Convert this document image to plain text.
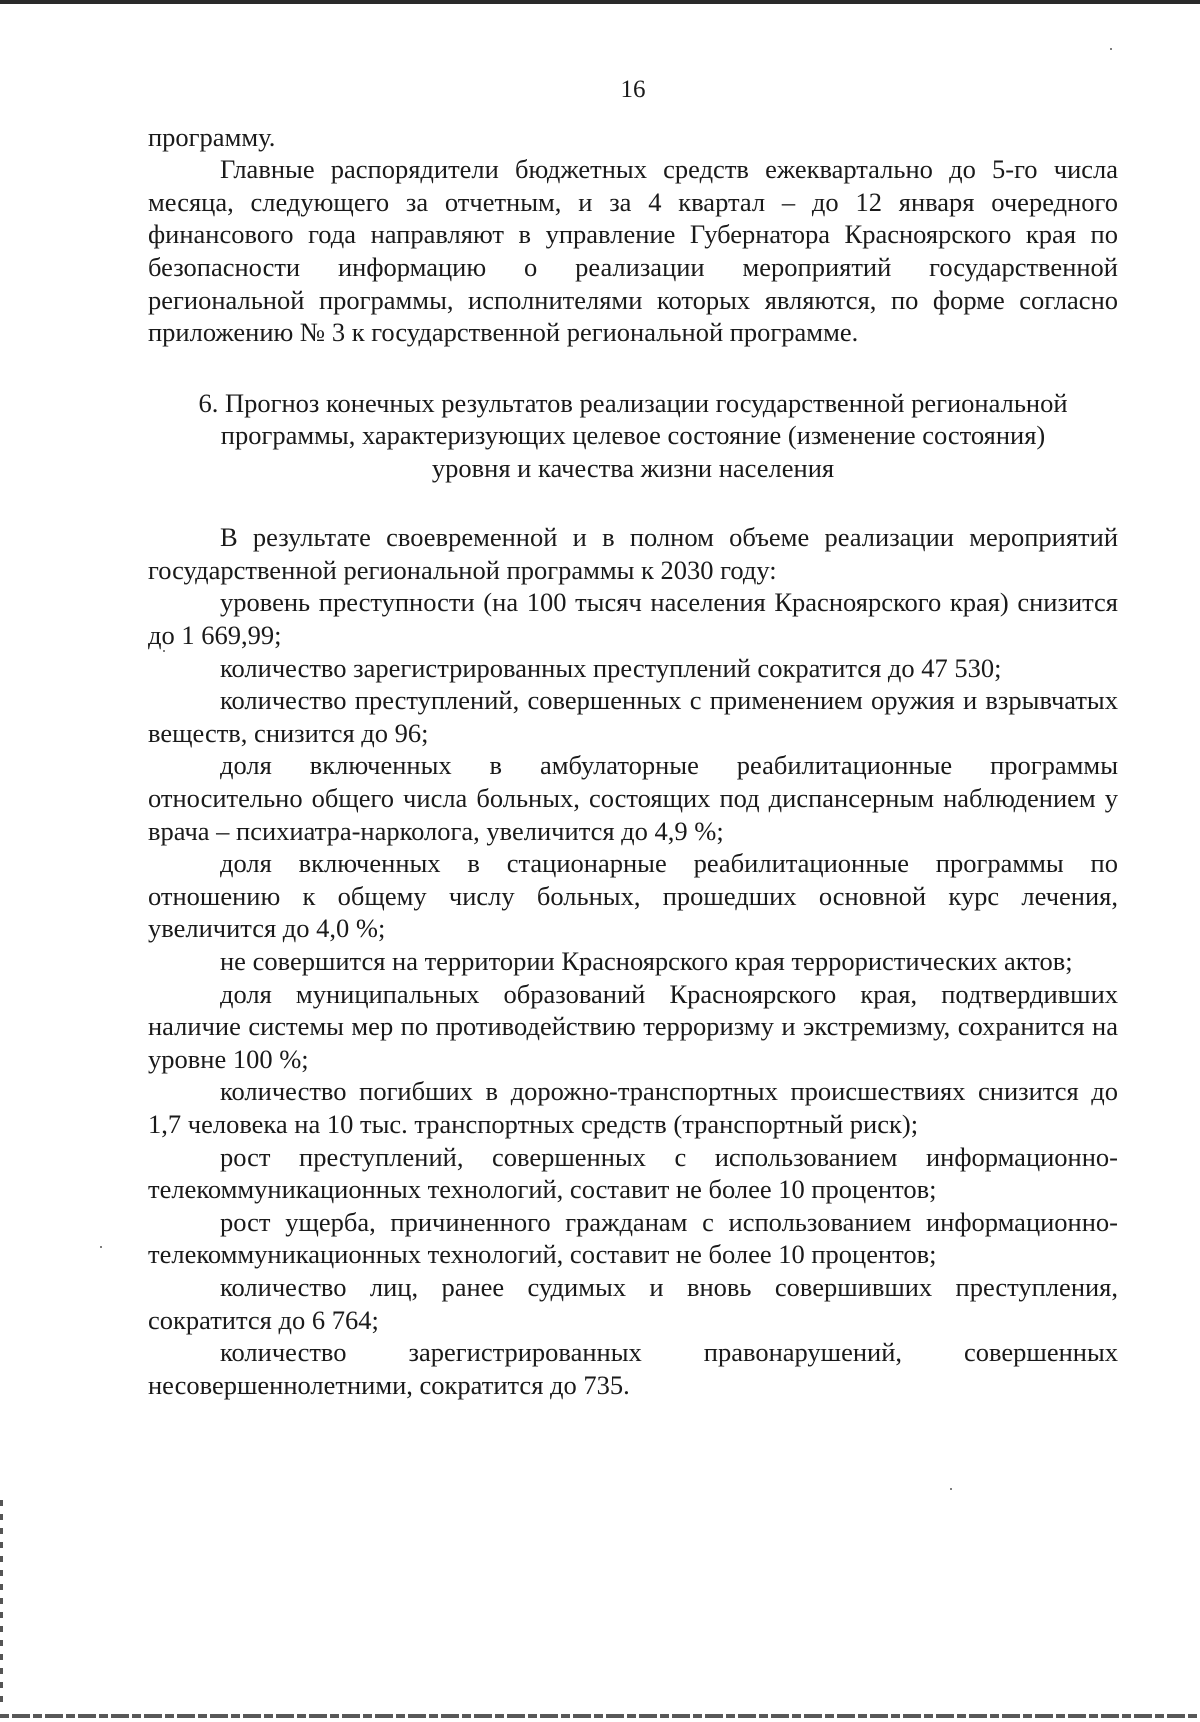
16

программу.

Главные распорядители бюджетных средств ежеквартально до 5-го числа месяца, следующего за отчетным, и за 4 квартал – до 12 января очередного финансового года направляют в управление Губернатора Красноярского края по безопасности информацию о реализации мероприятий государственной региональной программы, исполнителями которых являются, по форме согласно приложению № 3 к государственной региональной программе.

6. Прогноз конечных результатов реализации государственной региональной
программы, характеризующих целевое состояние (изменение состояния)
уровня и качества жизни населения

В результате своевременной и в полном объеме реализации мероприятий государственной региональной программы к 2030 году:

уровень преступности (на 100 тысяч населения Красноярского края) снизится до 1 669,99;

количество зарегистрированных преступлений сократится до 47 530;

количество преступлений, совершенных с применением оружия и взрывчатых веществ, снизится до 96;

доля включенных в амбулаторные реабилитационные программы относительно общего числа больных, состоящих под диспансерным наблюдением у врача – психиатра-нарколога, увеличится до 4,9 %;

доля включенных в стационарные реабилитационные программы по отношению к общему числу больных, прошедших основной курс лечения, увеличится до 4,0 %;

не совершится на территории Красноярского края террористических актов;

доля муниципальных образований Красноярского края, подтвердивших наличие системы мер по противодействию терроризму и экстремизму, сохранится на уровне 100 %;

количество погибших в дорожно-транспортных происшествиях снизится до 1,7 человека на 10 тыс. транспортных средств (транспортный риск);

рост преступлений, совершенных с использованием информационно-телекоммуникационных технологий, составит не более 10 процентов;

рост ущерба, причиненного гражданам с использованием информационно-телекоммуникационных технологий, составит не более 10 процентов;

количество лиц, ранее судимых и вновь совершивших преступления, сократится до 6 764;

количество зарегистрированных правонарушений, совершенных несовершеннолетними, сократится до 735.
